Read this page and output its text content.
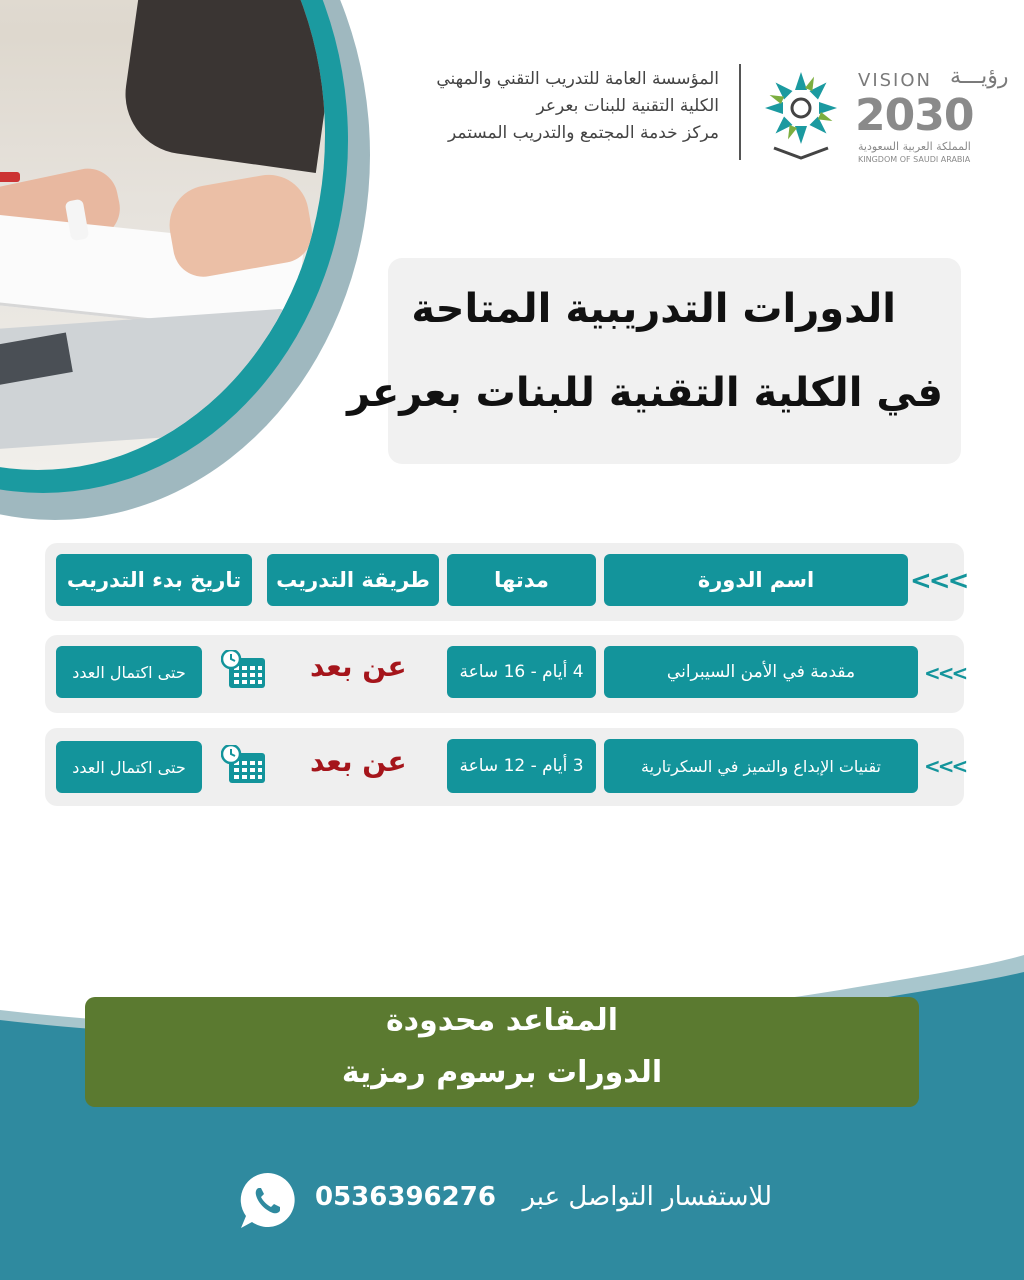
المؤسسة العامة للتدريب التقني والمهني
الكلية التقنية للبنات بعرعر
مركز خدمة المجتمع والتدريب المستمر
VISION رؤيـــة
2030
المملكة العربية السعودية
KINGDOM OF SAUDI ARABIA
الدورات التدريبية المتاحة
في الكلية التقنية للبنات بعرعر
<<<
اسم الدورة
مدتها
طريقة التدريب
تاريخ بدء التدريب
<<<
مقدمة في الأمن السيبراني
4 أيام - 16 ساعة
عن بعد
حتى اكتمال العدد
<<<
تقنيات الإبداع والتميز في السكرتارية
3 أيام - 12 ساعة
عن بعد
حتى اكتمال العدد
المقاعد محدودة
الدورات برسوم رمزية
للاستفسار التواصل عبر  0536396276
